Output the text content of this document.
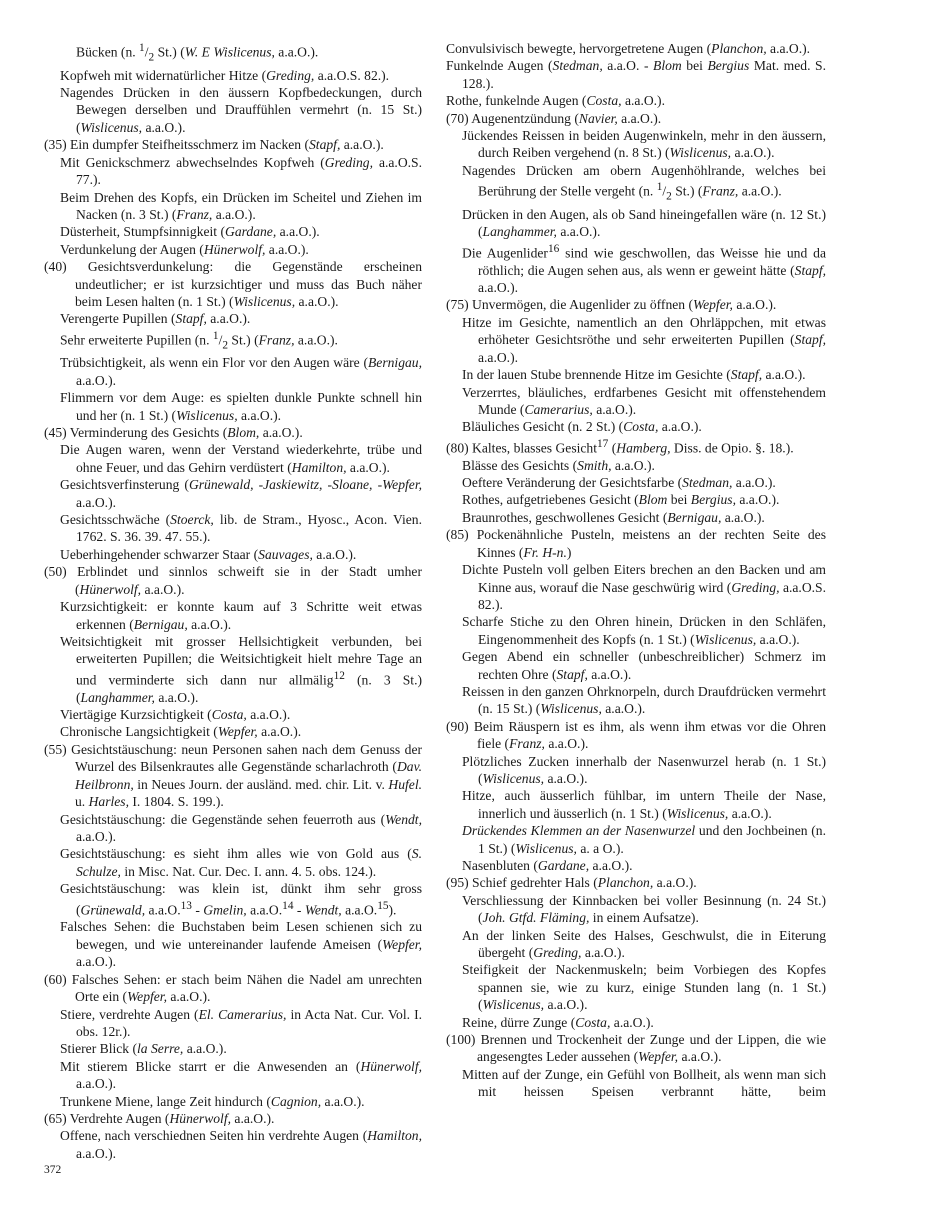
Bücken (n. $^1/_2$ St.) (W. E Wislicenus, a.a.O.).

Kopfweh mit widernatürlicher Hitze (Greding, a.a.O.S. 82.).

Nagendes Drücken in den äussern Kopfbedeckungen, durch Bewegen derselben und Drauffühlen vermehrt (n. 15 St.) (Wislicenus, a.a.O.).

(35) Ein dumpfer Steifheitsschmerz im Nacken (Stapf, a.a.O.).

Mit Genickschmerz abwechselndes Kopfweh (Greding, a.a.O.S. 77.).

Beim Drehen des Kopfs, ein Drücken im Scheitel und Ziehen im Nacken (n. 3 St.) (Franz, a.a.O.).

Düsterheit, Stumpfsinnigkeit (Gardane, a.a.O.).

Verdunkelung der Augen (Hünerwolf, a.a.O.).

(40) Gesichtsverdunkelung: die Gegenstände erscheinen undeutlicher; er ist kurzsichtiger und muss das Buch näher beim Lesen halten (n. 1 St.) (Wislicenus, a.a.O.).

Verengerte Pupillen (Stapf, a.a.O.).

Sehr erweiterte Pupillen (n. $^1/_2$ St.) (Franz, a.a.O.).

Trübsichtigkeit, als wenn ein Flor vor den Augen wäre (Bernigau, a.a.O.).

Flimmern vor dem Auge: es spielten dunkle Punkte schnell hin und her (n. 1 St.) (Wislicenus, a.a.O.).

(45) Verminderung des Gesichts (Blom, a.a.O.).

Die Augen waren, wenn der Verstand wiederkehrte, trübe und ohne Feuer, und das Gehirn verdüstert (Hamilton, a.a.O.).

Gesichtsverfinsterung (Grünewald, -Jaskiewitz, -Sloane, -Wepfer, a.a.O.).

Gesichtsschwäche (Stoerck, lib. de Stram., Hyosc., Acon. Vien. 1762. S. 36. 39. 47. 55.).

Ueberhingehender schwarzer Staar (Sauvages, a.a.O.).

(50) Erblindet und sinnlos schweift sie in der Stadt umher (Hünerwolf, a.a.O.).

Kurzsichtigkeit: er konnte kaum auf 3 Schritte weit etwas erkennen (Bernigau, a.a.O.).

Weitsichtigkeit mit grosser Hellsichtigkeit verbunden, bei erweiterten Pupillen; die Weitsichtigkeit hielt mehre Tage an und verminderte sich dann nur allmälig$^{12}$ (n. 3 St.) (Langhammer, a.a.O.).

Viertägige Kurzsichtigkeit (Costa, a.a.O.).

Chronische Langsichtigkeit (Wepfer, a.a.O.).

(55) Gesichtstäuschung: neun Personen sahen nach dem Genuss der Wurzel des Bilsenkrautes alle Gegenstände scharlachroth (Dav. Heilbronn, in Neues Journ. der ausländ. med. chir. Lit. v. Hufel. u. Harles, I. 1804. S. 199.).

Gesichtstäuschung: die Gegenstände sehen feuerroth aus (Wendt, a.a.O.).

Gesichtstäuschung: es sieht ihm alles wie von Gold aus (S. Schulze, in Misc. Nat. Cur. Dec. I. ann. 4. 5. obs. 124.).

Gesichtstäuschung: was klein ist, dünkt ihm sehr gross (Grünewald, a.a.O.$^{13}$ - Gmelin, a.a.O.$^{14}$ - Wendt, a.a.O.$^{15}$).

Falsches Sehen: die Buchstaben beim Lesen schienen sich zu bewegen, und wie untereinander laufende Ameisen (Wepfer, a.a.O.).

(60) Falsches Sehen: er stach beim Nähen die Nadel am unrechten Orte ein (Wepfer, a.a.O.).

Stiere, verdrehte Augen (El. Camerarius, in Acta Nat. Cur. Vol. I. obs. 12r.).

Stierer Blick (la Serre, a.a.O.).

Mit stierem Blicke starrt er die Anwesenden an (Hünerwolf, a.a.O.).

Trunkene Miene, lange Zeit hindurch (Cagnion, a.a.O.).

(65) Verdrehte Augen (Hünerwolf, a.a.O.).

Offene, nach verschiednen Seiten hin verdrehte Augen (Hamilton, a.a.O.).

Convulsivisch bewegte, hervorgetretene Augen (Planchon, a.a.O.).

Funkelnde Augen (Stedman, a.a.O. - Blom bei Bergius Mat. med. S. 128.).

Rothe, funkelnde Augen (Costa, a.a.O.).

(70) Augenentzündung (Navier, a.a.O.).

Jückendes Reissen in beiden Augenwinkeln, mehr in den äussern, durch Reiben vergehend (n. 8 St.) (Wislicenus, a.a.O.).

Nagendes Drücken am obern Augenhöhlrande, welches bei Berührung der Stelle vergeht (n. $^1/_2$ St.) (Franz, a.a.O.).

Drücken in den Augen, als ob Sand hineingefallen wäre (n. 12 St.) (Langhammer, a.a.O.).

Die Augenlider$^{16}$ sind wie geschwollen, das Weisse hie und da röthlich; die Augen sehen aus, als wenn er geweint hätte (Stapf, a.a.O.).

(75) Unvermögen, die Augenlider zu öffnen (Wepfer, a.a.O.).

Hitze im Gesichte, namentlich an den Ohrläppchen, mit etwas erhöheter Gesichtsröthe und sehr erweiterten Pupillen (Stapf, a.a.O.).

In der lauen Stube brennende Hitze im Gesichte (Stapf, a.a.O.).

Verzerrtes, bläuliches, erdfarbenes Gesicht mit offenstehendem Munde (Camerarius, a.a.O.).

Bläuliches Gesicht (n. 2 St.) (Costa, a.a.O.).

(80) Kaltes, blasses Gesicht$^{17}$ (Hamberg, Diss. de Opio. §. 18.).

Blässe des Gesichts (Smith, a.a.O.).

Oeftere Veränderung der Gesichtsfarbe (Stedman, a.a.O.).

Rothes, aufgetriebenes Gesicht (Blom bei Bergius, a.a.O.).

Braunrothes, geschwollenes Gesicht (Bernigau, a.a.O.).

(85) Pockenähnliche Pusteln, meistens an der rechten Seite des Kinnes (Fr. H-n.)

Dichte Pusteln voll gelben Eiters brechen an den Backen und am Kinne aus, worauf die Nase geschwürig wird (Greding, a.a.O.S. 82.).

Scharfe Stiche zu den Ohren hinein, Drücken in den Schläfen, Eingenommenheit des Kopfs (n. 1 St.) (Wislicenus, a.a.O.).

Gegen Abend ein schneller (unbeschreiblicher) Schmerz im rechten Ohre (Stapf, a.a.O.).

Reissen in den ganzen Ohrknorpeln, durch Draufdrücken vermehrt (n. 15 St.) (Wislicenus, a.a.O.).

(90) Beim Räuspern ist es ihm, als wenn ihm etwas vor die Ohren fiele (Franz, a.a.O.).

Plötzliches Zucken innerhalb der Nasenwurzel herab (n. 1 St.) (Wislicenus, a.a.O.).

Hitze, auch äusserlich fühlbar, im untern Theile der Nase, innerlich und äusserlich (n. 1 St.) (Wislicenus, a.a.O.).

Drückendes Klemmen an der Nasenwurzel und den Jochbeinen (n. 1 St.) (Wislicenus, a. a O.).

Nasenbluten (Gardane, a.a.O.).

(95) Schief gedrehter Hals (Planchon, a.a.O.).

Verschliessung der Kinnbacken bei voller Besinnung (n. 24 St.) (Joh. Gtfd. Fläming, in einem Aufsatze).

An der linken Seite des Halses, Geschwulst, die in Eiterung übergeht (Greding, a.a.O.).

Steifigkeit der Nackenmuskeln; beim Vorbiegen des Kopfes spannen sie, wie zu kurz, einige Stunden lang (n. 1 St.) (Wislicenus, a.a.O.).

Reine, dürre Zunge (Costa, a.a.O.).

(100) Brennen und Trockenheit der Zunge und der Lippen, die wie angesengtes Leder aussehen (Wepfer, a.a.O.).

Mitten auf der Zunge, ein Gefühl von Bollheit, als wenn man sich mit heissen Speisen verbrannt hätte, beim

372
